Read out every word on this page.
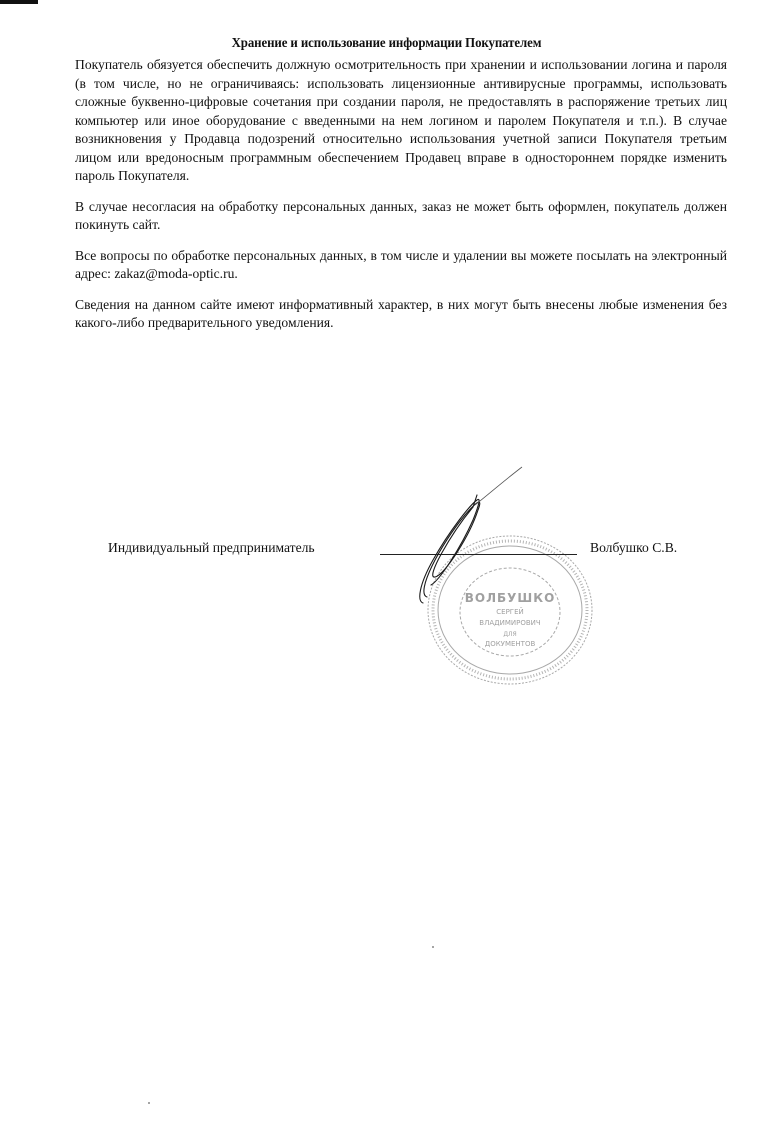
Хранение и использование информации Покупателем

Покупатель обязуется обеспечить должную осмотрительность при хранении и использовании логина и пароля (в том числе, но не ограничиваясь: использовать лицензионные антивирусные программы, использовать сложные буквенно-цифровые сочетания при создании пароля, не предоставлять в распоряжение третьих лиц компьютер или иное оборудование с введенными на нем логином и паролем Покупателя и т.п.). В случае возникновения у Продавца подозрений относительно использования учетной записи Покупателя третьим лицом или вредоносным программным обеспечением Продавец вправе в одностороннем порядке изменить пароль Покупателя.

В случае несогласия на обработку персональных данных, заказ не может быть оформлен, покупатель должен покинуть сайт.

Все вопросы по обработке персональных данных, в том числе и удалении вы можете посылать на электронный адрес: zakaz@moda-optic.ru.

Сведения на данном сайте имеют информативный характер, в них могут быть внесены любые изменения без какого-либо предварительного уведомления.

ВОЛБУШКО
СЕРГЕЙ
ВЛАДИМИРОВИЧ
ДЛЯ
ДОКУМЕНТОВ
Индивидуальный предприниматель	Волбушко С.В.
